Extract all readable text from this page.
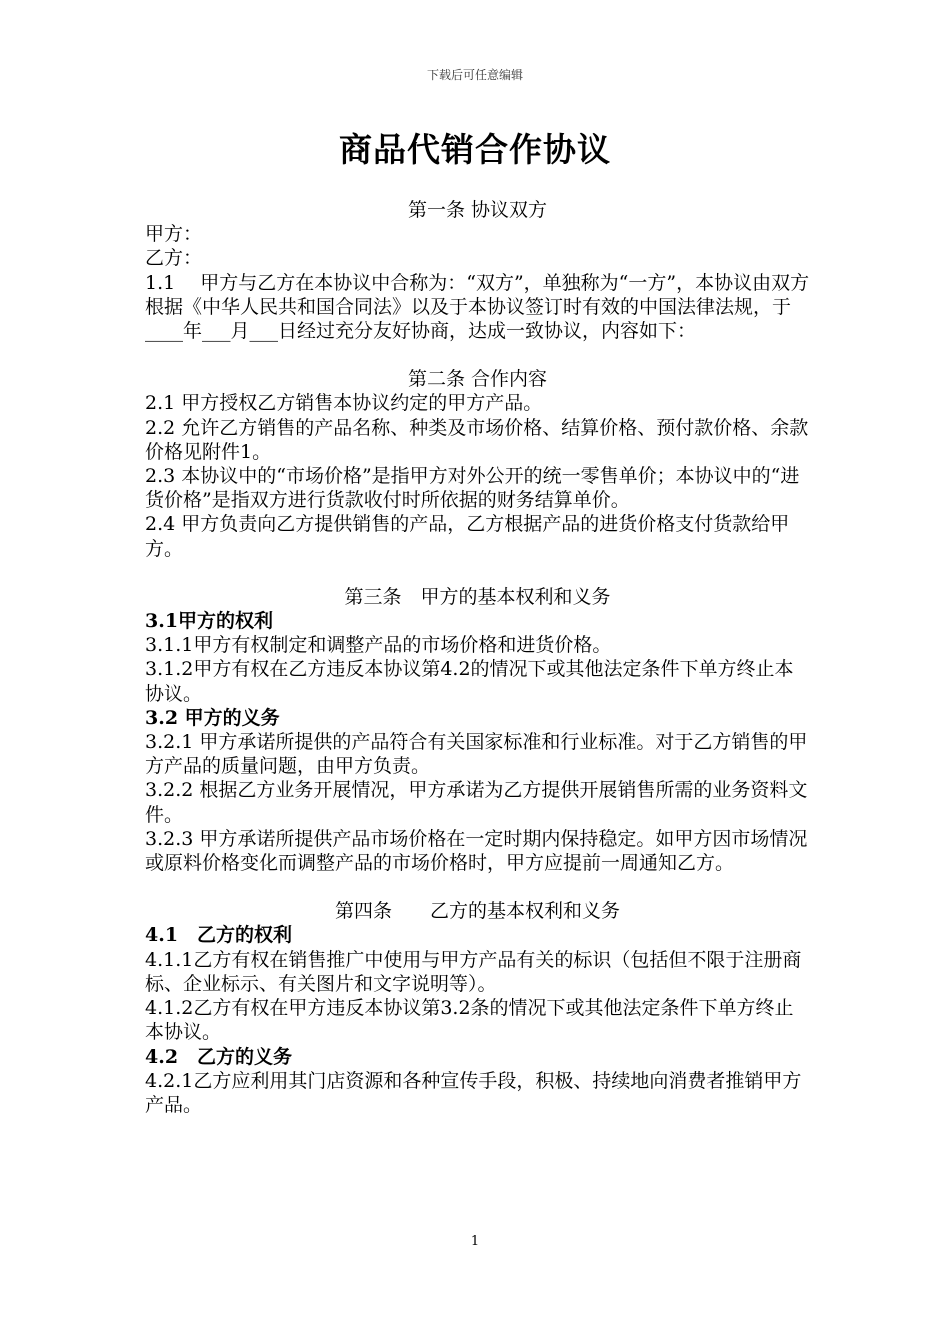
下载后可任意编辑
商品代销合作协议

第一条 协议双方

甲方：

乙方：

1.1　 甲方与乙方在本协议中合称为：“双方”，单独称为“一方”，本协议由双方根据《中华人民共和国合同法》以及于本协议签订时有效的中国法律法规，于____年___月___日经过充分友好协商，达成一致协议，内容如下：

第二条 合作内容

2.1 甲方授权乙方销售本协议约定的甲方产品。

2.2 允许乙方销售的产品名称、种类及市场价格、结算价格、预付款价格、余款价格见附件1。

2.3 本协议中的“市场价格”是指甲方对外公开的统一零售单价；本协议中的“进货价格”是指双方进行货款收付时所依据的财务结算单价。

2.4 甲方负责向乙方提供销售的产品，乙方根据产品的进货价格支付货款给甲方。

第三条　甲方的基本权利和义务

3.1甲方的权利

3.1.1甲方有权制定和调整产品的市场价格和进货价格。

3.1.2甲方有权在乙方违反本协议第4.2的情况下或其他法定条件下单方终止本协议。

3.2 甲方的义务

3.2.1 甲方承诺所提供的产品符合有关国家标准和行业标准。对于乙方销售的甲方产品的质量问题，由甲方负责。

3.2.2 根据乙方业务开展情况，甲方承诺为乙方提供开展销售所需的业务资料文件。

3.2.3 甲方承诺所提供产品市场价格在一定时期内保持稳定。如甲方因市场情况或原料价格变化而调整产品的市场价格时，甲方应提前一周通知乙方。

第四条　　乙方的基本权利和义务

4.1　乙方的权利

4.1.1乙方有权在销售推广中使用与甲方产品有关的标识（包括但不限于注册商标、企业标示、有关图片和文字说明等）。

4.1.2乙方有权在甲方违反本协议第3.2条的情况下或其他法定条件下单方终止本协议。

4.2　乙方的义务

4.2.1乙方应利用其门店资源和各种宣传手段，积极、持续地向消费者推销甲方产品。

1
